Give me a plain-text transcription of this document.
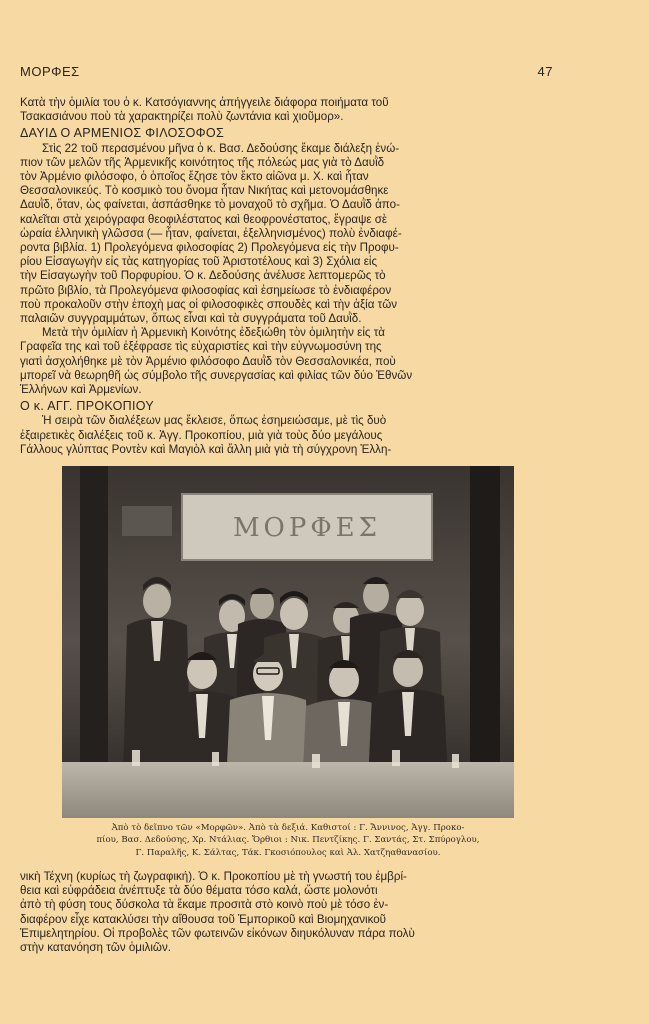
ΜΟΡΦΕΣ	47

Κατὰ τὴν ὁμιλία του ὁ κ. Κατσόγιαννης ἀπήγγειλε διάφορα ποιήματα τοῦ

Τσακασιάνου ποὺ τὰ χαρακτηρίζει πολὺ ζωντάνια καὶ χιοῦμορ».

ΔΑΥΙΔ Ο ΑΡΜΕΝΙΟΣ ΦΙΛΟΣΟΦΟΣ

Στὶς 22 τοῦ περασμένου μῆνα ὁ κ. Βασ. Δεδούσης ἔκαμε διάλεξη ἐνώ-

πιον τῶν μελῶν τῆς Ἀρμενικῆς κοινότητος τῆς πόλεώς μας γιὰ τὸ Δαυῒδ

τὸν Ἀρμένιο φιλόσοφο, ὁ ὁποῖος ἔζησε τὸν ἕκτο αἰῶνα μ. Χ. καὶ ἦταν

Θεσσαλονικεύς. Τὸ κοσμικὸ του ὄνομα ἦταν Νικήτας καὶ μετονομάσθηκε

Δαυῒδ, ὅταν, ὡς φαίνεται, ἀσπάσθηκε τὸ μοναχοῦ τὸ σχῆμα. Ὁ Δαυῒδ ἀπο-

καλεῖται στὰ χειρόγραφα θεοφιλέστατος καὶ θεοφρονέστατος, ἔγραψε σὲ

ὡραία ἑλληνικὴ γλῶσσα (— ἦταν, φαίνεται, ἐξελληνισμένος) πολὺ ἐνδιαφέ-

ροντα βιβλία. 1) Προλεγόμενα φιλοσοφίας 2) Προλεγόμενα εἰς τὴν Προφυ-

ρίου Εἰσαγωγὴν εἰς τὰς κατηγορίας τοῦ Ἀριστοτέλους καὶ 3) Σχόλια εἰς

τὴν Εἰσαγωγὴν τοῦ Πορφυρίου. Ὁ κ. Δεδούσης ἀνέλυσε λεπτομερῶς τὸ

πρῶτο βιβλίο, τὰ Προλεγόμενα φιλοσοφίας καὶ ἐσημείωσε τὸ ἐνδιαφέρον

ποὺ προκαλοῦν στὴν ἐποχὴ μας οἱ φιλοσοφικὲς σπουδὲς καὶ τὴν ἀξία τῶν

παλαιῶν συγγραμμάτων, ὅπως εἶναι καὶ τὰ συγγράματα τοῦ Δαυῒδ.

Μετὰ τὴν ὁμιλίαν ἡ Ἀρμενικὴ Κοινότης ἐδεξιώθη τὸν ὁμιλητὴν εἰς τὰ

Γραφεῖα της καὶ τοῦ ἐξέφρασε τὶς εὐχαριστίες καὶ τὴν εὐγνωμοσύνη της

γιατὶ ἀσχολήθηκε μὲ τὸν Ἀρμένιο φιλόσοφο Δαυῒδ τὸν Θεσσαλονικέα, ποὺ

μπορεῖ νὰ θεωρηθῆ ὡς σύμβολο τῆς συνεργασίας καὶ φιλίας τῶν δύο Ἐθνῶν

Ἑλλήνων καὶ Ἀρμενίων.

Ο κ. ΑΓΓ. ΠΡΟΚΟΠΙΟΥ

Ἡ σειρὰ τῶν διαλέξεων μας ἔκλεισε, ὅπως ἐσημειώσαμε, μὲ τὶς δυὸ

ἐξαιρετικὲς διαλέξεις τοῦ κ. Ἀγγ. Προκοπίου, μιὰ γιὰ τοὺς δύο μεγάλους

Γάλλους γλύπτας Ροντὲν καὶ Μαγιὸλ καὶ ἄλλη μιὰ γιὰ τὴ σύγχρονη Ἑλλη-

ΜΟΡΦΕΣ
Ἀπὸ τὸ δεῖπνο τῶν «Μορφῶν». Ἀπὸ τὰ δεξιά. Καθιστοί : Γ. Ἄννινος, Ἀγγ. Προκο-
πίου, Βασ. Δεδούσης, Χρ. Ντάλιας. Ὄρθιοι : Νικ. Πεντζίκης. Γ. Σαντάς, Στ. Σπύρογλου,
Γ. Παραλῆς, Κ. Σάλτας, Τάκ. Γκοσιόπουλος καὶ Ἀλ. Χατζηαθανασίου.

νικὴ Τέχνη (κυρίως τὴ ζωγραφική). Ὁ κ. Προκοπίου μὲ τὴ γνωστή του ἐμβρί-

θεια καὶ εὐφράδεια ἀνέπτυξε τὰ δύο θέματα τόσο καλά, ὥστε μολονότι

ἀπὸ τὴ φύση τους δύσκολα τὰ ἔκαμε προσιτὰ στὸ κοινὸ ποὺ μὲ τόσο ἐν-

διαφέρον εἶχε κατακλύσει τὴν αἴθουσα τοῦ Ἐμπορικοῦ καὶ Βιομηχανικοῦ

Ἐπιμελητηρίου. Οἱ προβολὲς τῶν φωτεινῶν εἰκόνων διηυκόλυναν πάρα πολὺ

στὴν κατανόηση τῶν ὁμιλιῶν.
